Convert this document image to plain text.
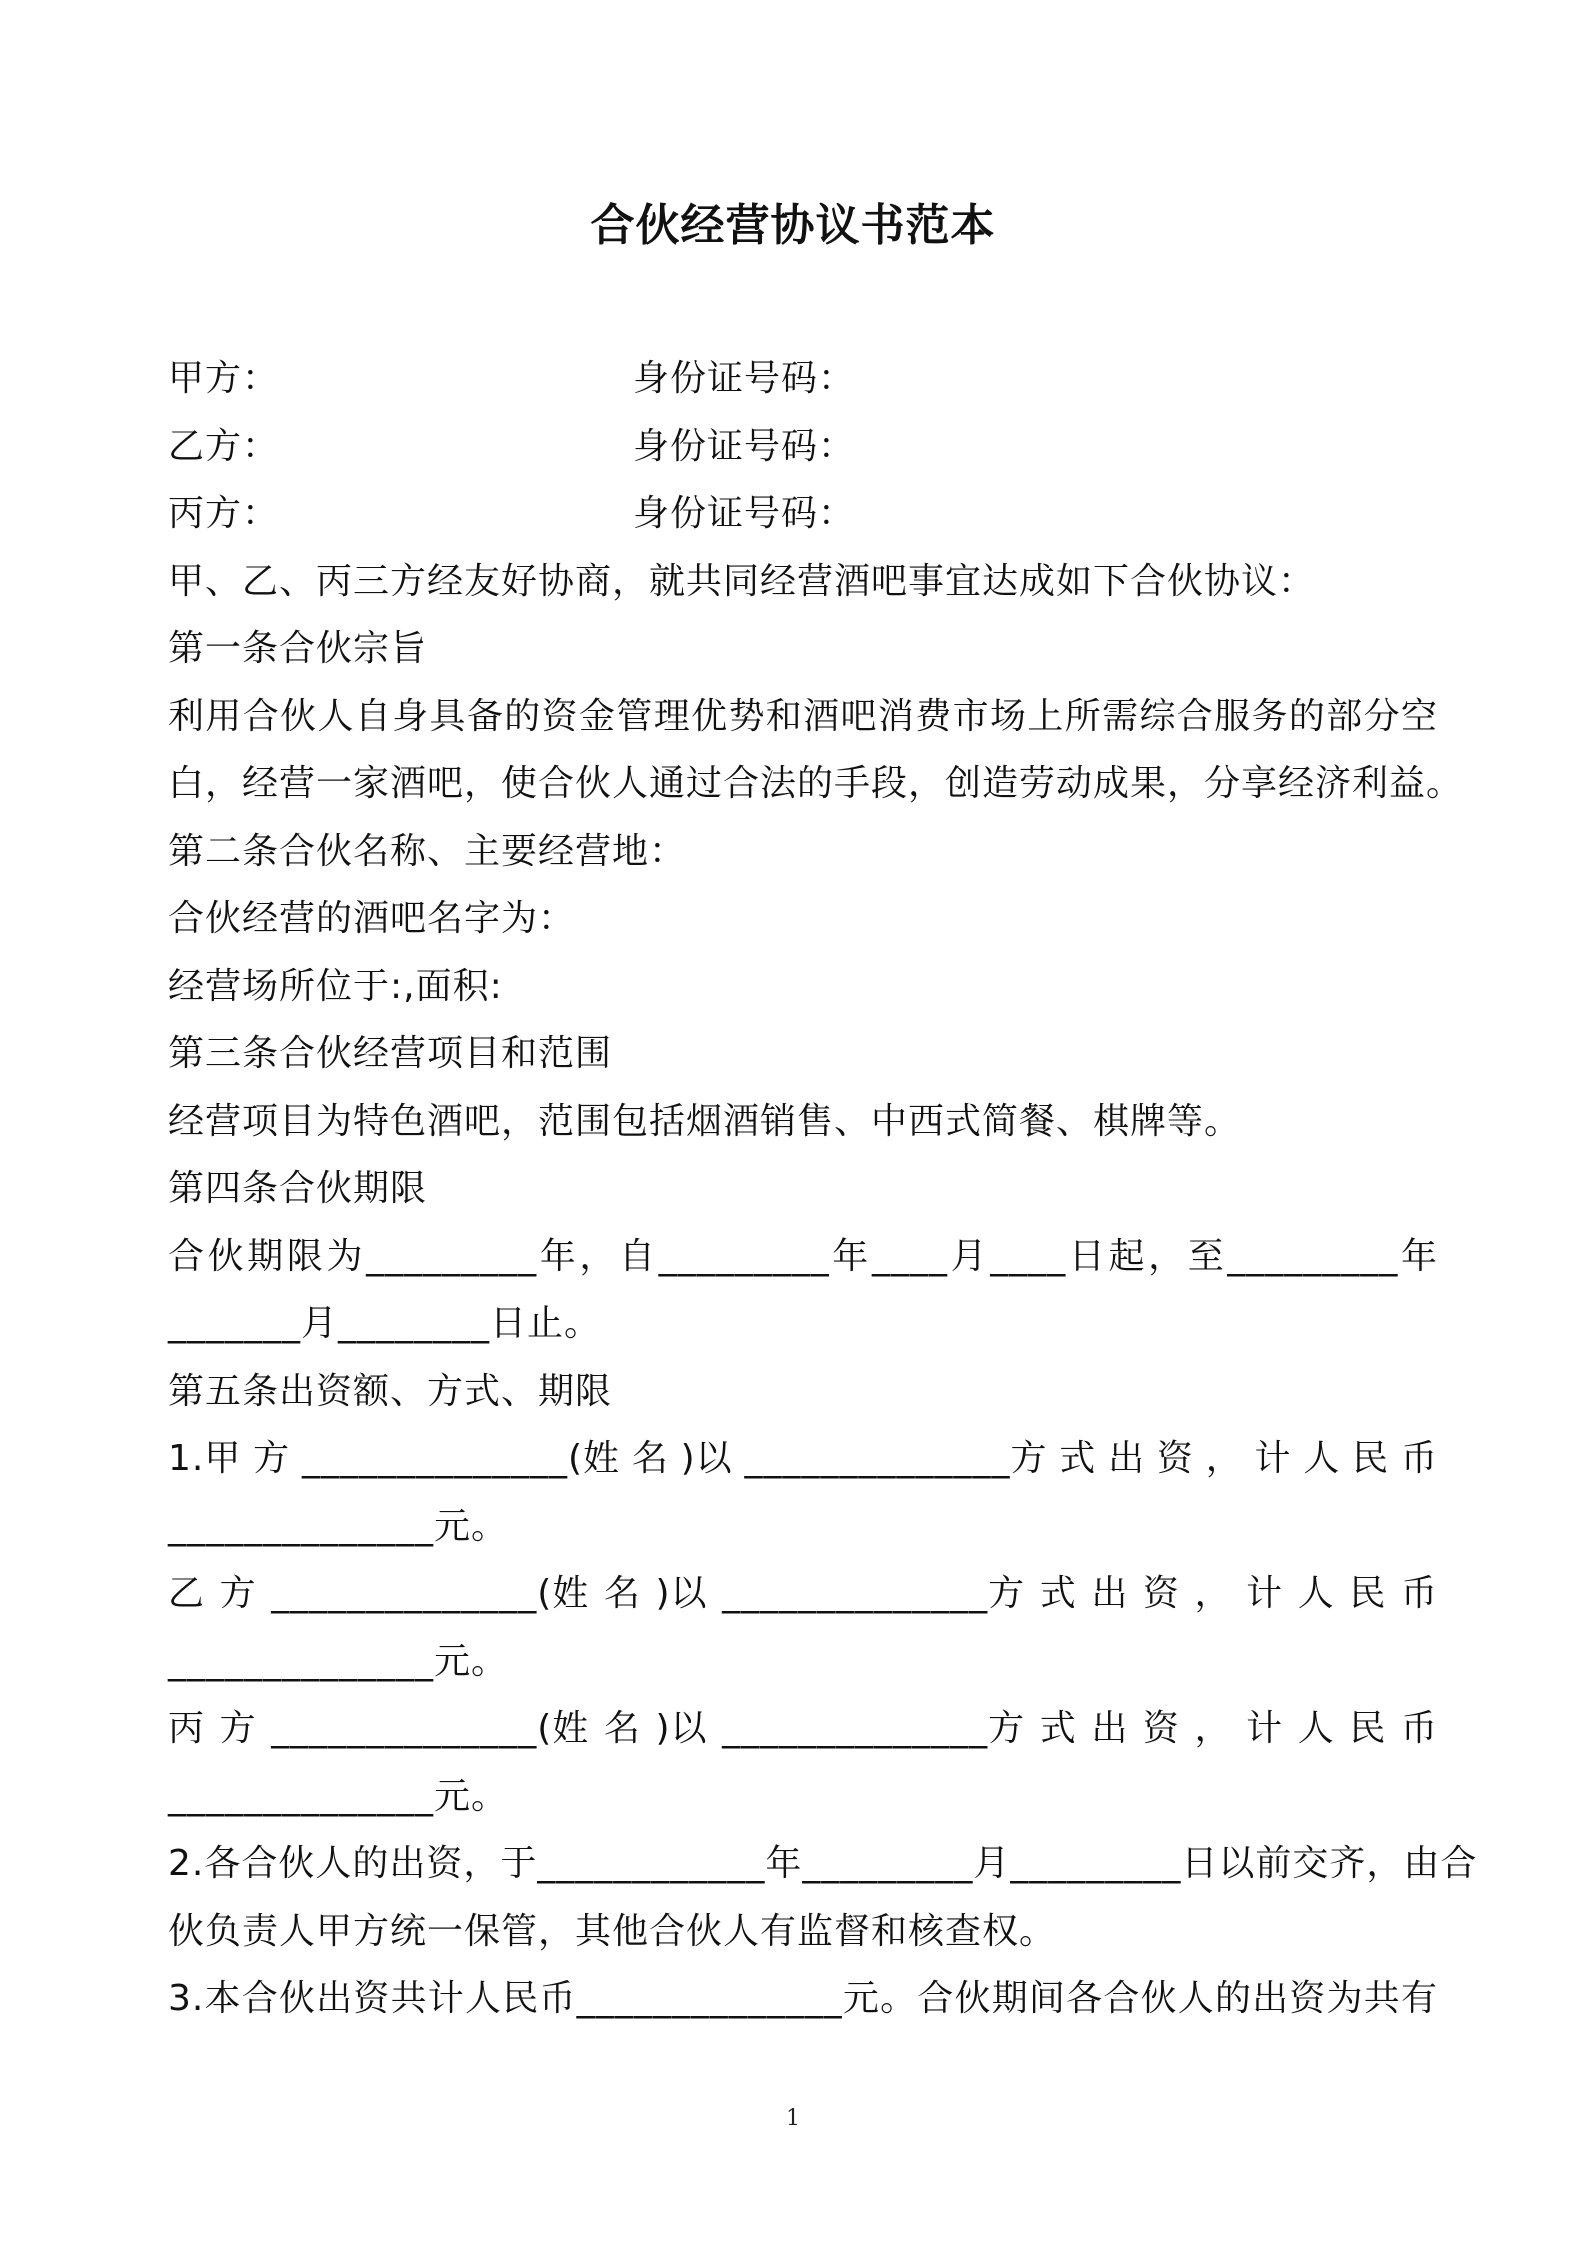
合伙经营协议书范本
甲方：	身份证号码：
乙方：	身份证号码：
丙方：	身份证号码：
甲、乙、丙三方经友好协商，就共同经营酒吧事宜达成如下合伙协议：
第一条合伙宗旨
利用合伙人自身具备的资金管理优势和酒吧消费市场上所需综合服务的部分空
白，经营一家酒吧，使合伙人通过合法的手段，创造劳动成果，分享经济利益。
第二条合伙名称、主要经营地：
合伙经营的酒吧名字为：
经营场所位于:,面积:
第三条合伙经营项目和范围
经营项目为特色酒吧，范围包括烟酒销售、中西式简餐、棋牌等。
第四条合伙期限
合伙期限为_________年，自_________年____月____日起，至_________年
_______月________日止。
第五条出资额、方式、期限
1.甲 方 ______________(姓 名 )以 ______________方 式 出 资 ， 计 人 民 币
______________元。
乙 方 ______________(姓 名 )以 ______________方 式 出 资 ， 计 人 民 币
______________元。
丙 方 ______________(姓 名 )以 ______________方 式 出 资 ， 计 人 民 币
______________元。
2.各合伙人的出资，于____________年_________月_________日以前交齐，由合
伙负责人甲方统一保管，其他合伙人有监督和核查权。
3.本合伙出资共计人民币______________元。合伙期间各合伙人的出资为共有
1
